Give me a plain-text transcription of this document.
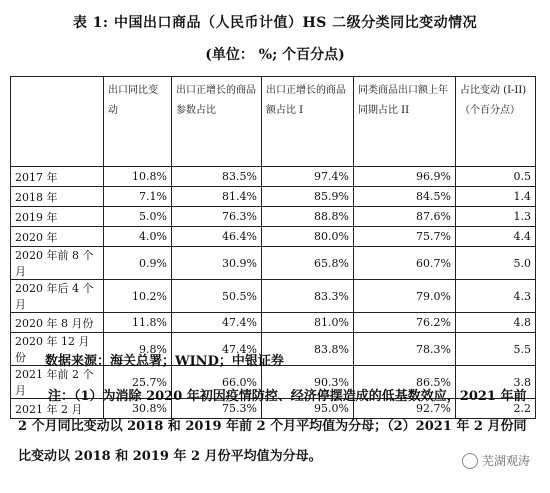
表 1: 中国出口商品（人民币计值）HS 二级分类同比变动情况
(单位： %; 个百分点)
	出口同比变动	出口正增长的商品参数占比	出口正增长的商品额占比 I	同类商品出口额上年同期占比 II	占比变动 (I-II)（个百分点）
2017 年	10.8%	83.5%	97.4%	96.9%	0.5
2018 年	7.1%	81.4%	85.9%	84.5%	1.4
2019 年	5.0%	76.3%	88.8%	87.6%	1.3
2020 年	4.0%	46.4%	80.0%	75.7%	4.4
2020 年前 8 个月	0.9%	30.9%	65.8%	60.7%	5.0
2020 年后 4 个月	10.2%	50.5%	83.3%	79.0%	4.3
2020 年 8 月份	11.8%	47.4%	81.0%	76.2%	4.8
2020 年 12 月份	9.8%	47.4%	83.8%	78.3%	5.5
2021 年前 2 个月	25.7%	66.0%	90.3%	86.5%	3.8
2021 年 2 月	30.8%	75.3%	95.0%	92.7%	2.2
数据来源：海关总署；WIND；中银证券
注：（1）为消除 2020 年初因疫情防控、经济停摆造成的低基数效应，2021 年前 2 个月同比变动以 2018 和 2019 年前 2 个月平均值为分母；（2）2021 年 2 月份同比变动以 2018 和 2019 年 2 月份平均值为分母。	芜湖观涛
